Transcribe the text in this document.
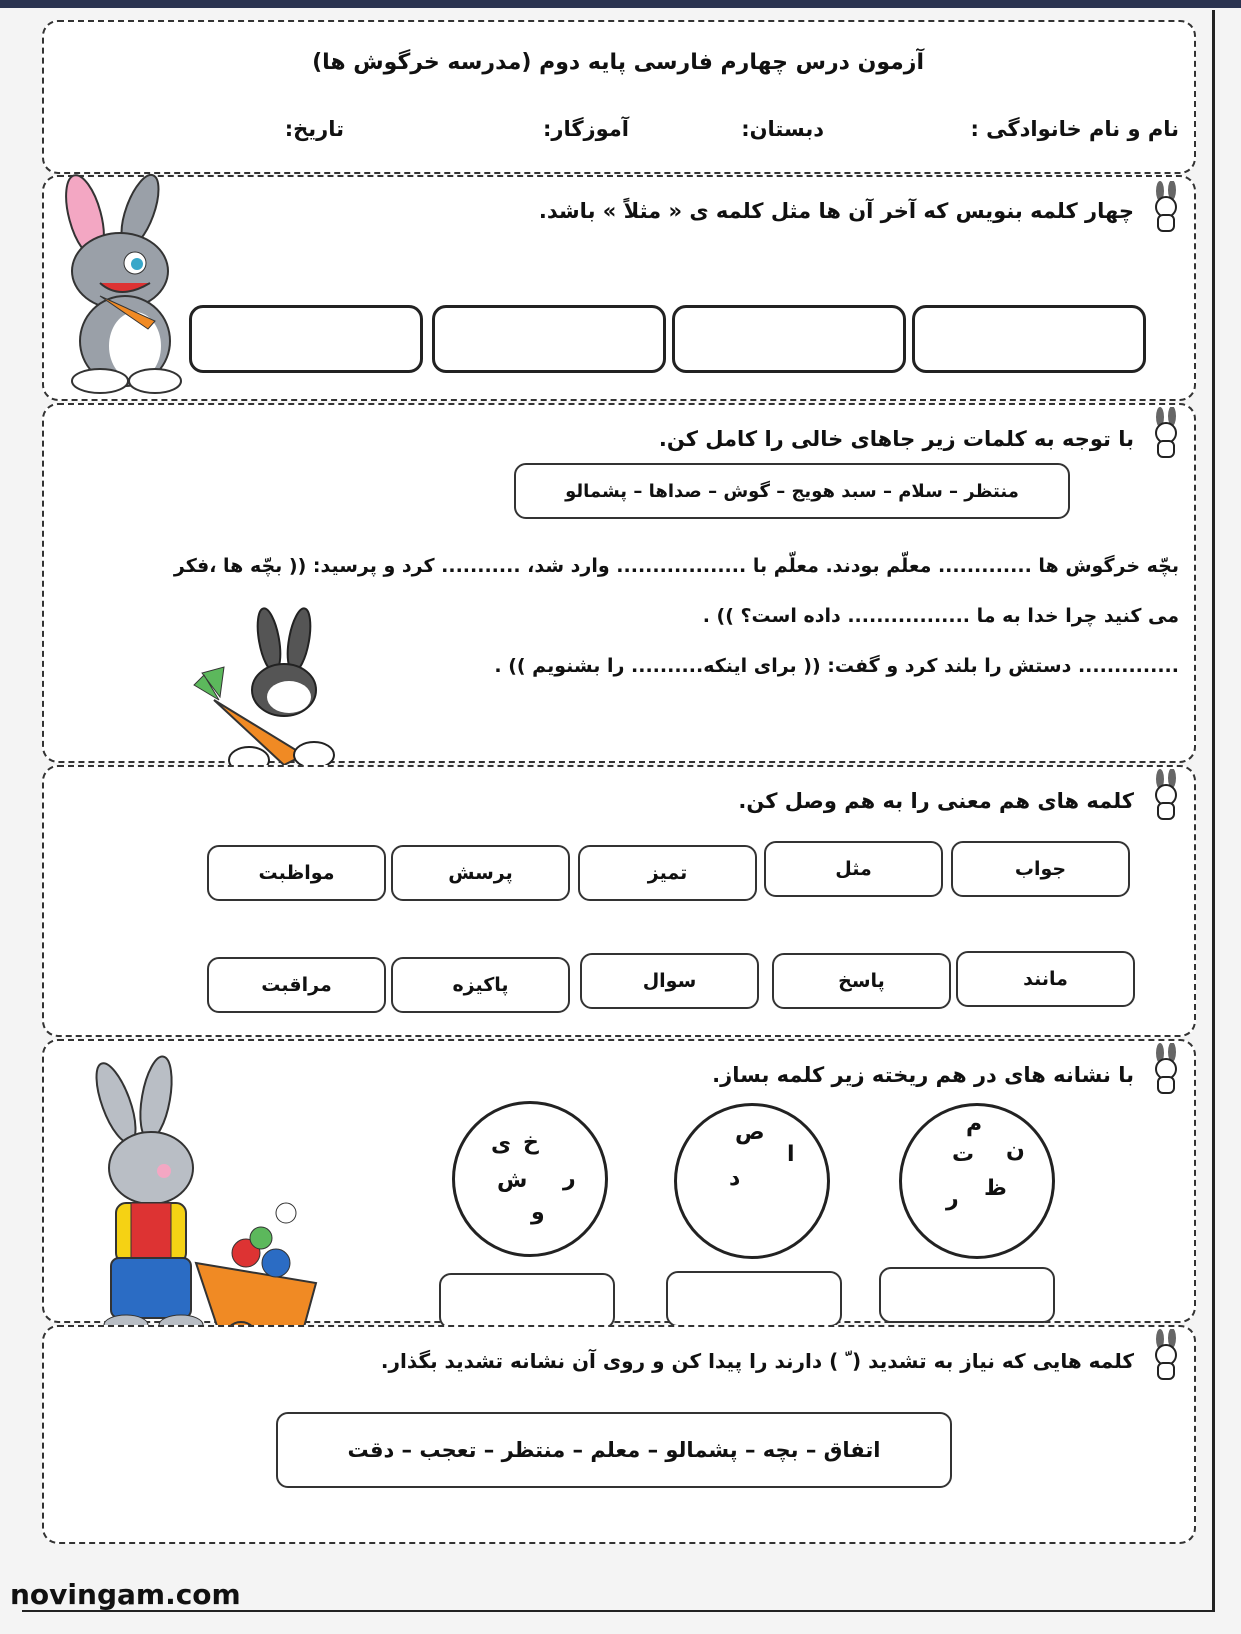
آزمون درس چهارم فارسی پایه دوم (مدرسه خرگوش ها)
نام و نام خانوادگی :
دبستان:
آموزگار:
تاریخ:
چهار کلمه بنویس که آخر آن ها مثل کلمه ی « مثلاً » باشد.
با توجه به کلمات زیر جاهای خالی را کامل کن.
منتظر – سلام – سبد هویج – گوش – صداها – پشمالو
بچّه خرگوش ها ............. معلّم بودند. معلّم با .................. وارد شد، ........... کرد و پرسید: (( بچّه ها ،فکر
می کنید چرا خدا به ما ................. داده است؟ )) .
.............. دستش را بلند کرد و گفت: (( برای اینکه.......... را بشنویم )) .
کلمه های هم معنی را به هم وصل کن.
مواظبت	پرسش	تمیز	مثل	جواب
مراقبت	پاکیزه	سوال	پاسخ	مانند
با نشانه های در هم ریخته زیر کلمه بساز.
م
ن
ت
ظ
ر
ص
ا
د
ی خ
ر
ش
و
کلمه هایی که نیاز به تشدید ( ّ ) دارند را پیدا کن و روی آن نشانه تشدید بگذار.
اتفاق – بچه – پشمالو – معلم – منتظر – تعجب – دقت
novingam.com
